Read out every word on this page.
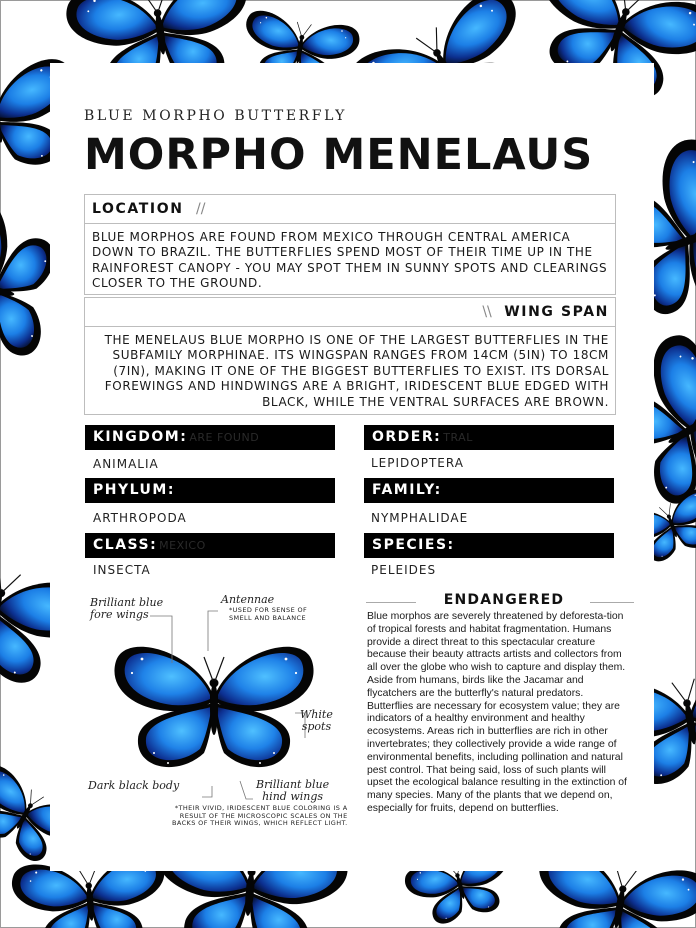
BLUE MORPHO BUTTERFLY

MORPHO MENELAUS
LOCATION //

BLUE MORPHOS ARE FOUND FROM MEXICO THROUGH CENTRAL AMERICA DOWN TO BRAZIL. THE BUTTERFLIES SPEND MOST OF THEIR TIME UP IN THE RAINFOREST CANOPY - YOU MAY SPOT THEM IN SUNNY SPOTS AND CLEARINGS CLOSER TO THE GROUND.

\\ WING SPAN

THE MENELAUS BLUE MORPHO IS ONE OF THE LARGEST BUTTERFLIES IN THE SUBFAMILY MORPHINAE. ITS WINGSPAN RANGES FROM 14CM (5IN) TO 18CM (7IN), MAKING IT ONE OF THE BIGGEST BUTTERFLIES TO EXIST. ITS DORSAL FOREWINGS AND HINDWINGS ARE A BRIGHT, IRIDESCENT BLUE EDGED WITH BLACK, WHILE THE VENTRAL SURFACES ARE BROWN.

KINGDOM: ARE FOUND
ANIMALIA
PHYLUM:
ARTHROPODA
CLASS: MEXICO
INSECTA
ORDER: TRAL
LEPIDOPTERA
FAMILY:
NYMPHALIDAE
SPECIES:
PELEIDES
Brilliant blue
fore wings
Antennae
*USED FOR SENSE OF
SMELL AND BALANCE
White
spots
Dark black body	Brilliant blue
hind wings
*THEIR VIVID, IRIDESCENT BLUE COLORING IS A
RESULT OF THE MICROSCOPIC SCALES ON THE
BACKS OF THEIR WINGS, WHICH REFLECT LIGHT.
ENDANGERED

Blue morphos are severely threatened by deforesta-tion of tropical forests and habitat fragmentation. Humans provide a direct threat to this spectacular creature because their beauty attracts artists and collectors from all over the globe who wish to capture and display them. Aside from humans, birds like the Jacamar and flycatchers are the butterfly's natural predators. Butterflies are necessary for ecosystem value; they are indicators of a healthy environment and healthy ecosystems. Areas rich in butterflies are rich in other invertebrates; they collectively provide a wide range of environmental benefits, including pollination and natural pest control. That being said, loss of such plants will upset the ecological balance resulting in the extinction of many species. Many of the plants that we depend on, especially for fruits, depend on butterflies.
